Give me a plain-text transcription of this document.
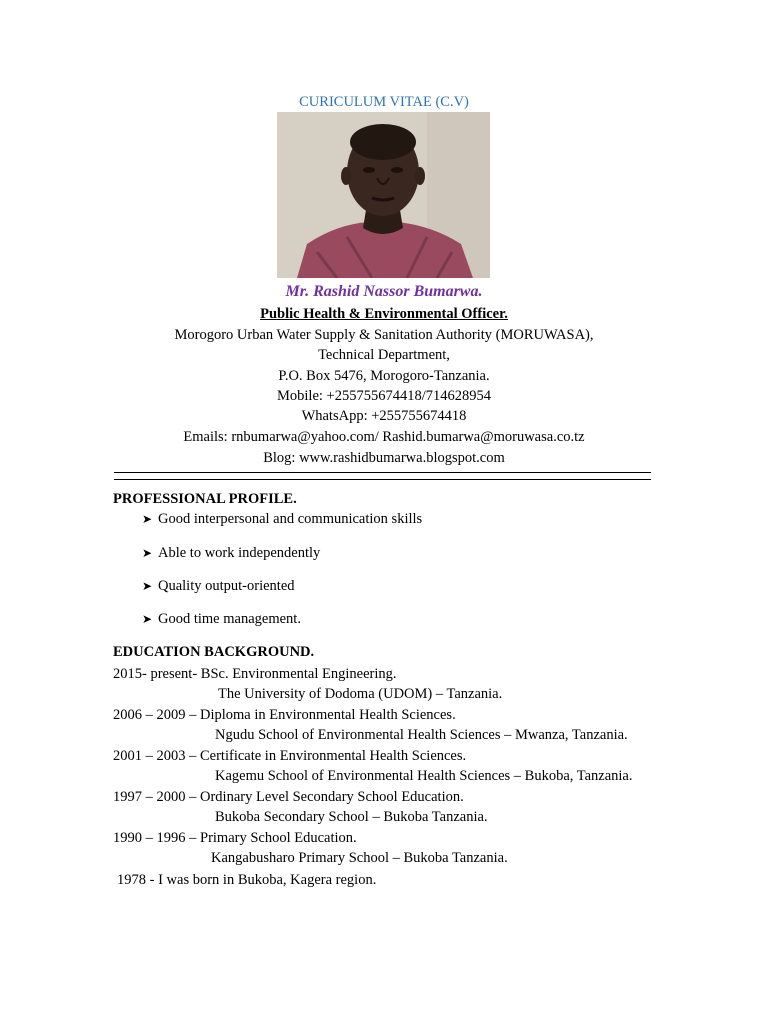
CURICULUM VITAE (C.V)
Mr. Rashid Nassor Bumarwa.
Public Health & Environmental Officer.
Morogoro Urban Water Supply & Sanitation Authority (MORUWASA),
Technical Department,
P.O. Box 5476, Morogoro-Tanzania.
Mobile: +255755674418/714628954
WhatsApp: +255755674418
Emails: rnbumarwa@yahoo.com/ Rashid.bumarwa@moruwasa.co.tz
Blog: www.rashidbumarwa.blogspot.com
PROFESSIONAL PROFILE.
➤ Good interpersonal and communication skills
➤ Able to work independently
➤ Quality output-oriented
➤ Good time management.
EDUCATION BACKGROUND.
2015- present- BSc. Environmental Engineering.
The University of Dodoma (UDOM) – Tanzania.
2006 – 2009 – Diploma in Environmental Health Sciences.
Ngudu School of Environmental Health Sciences – Mwanza, Tanzania.
2001 – 2003 – Certificate in Environmental Health Sciences.
Kagemu School of Environmental Health Sciences – Bukoba, Tanzania.
1997 – 2000 – Ordinary Level Secondary School Education.
Bukoba Secondary School – Bukoba Tanzania.
1990 – 1996 – Primary School Education.
Kangabusharo Primary School – Bukoba Tanzania.
1978 - I was born in Bukoba, Kagera region.
